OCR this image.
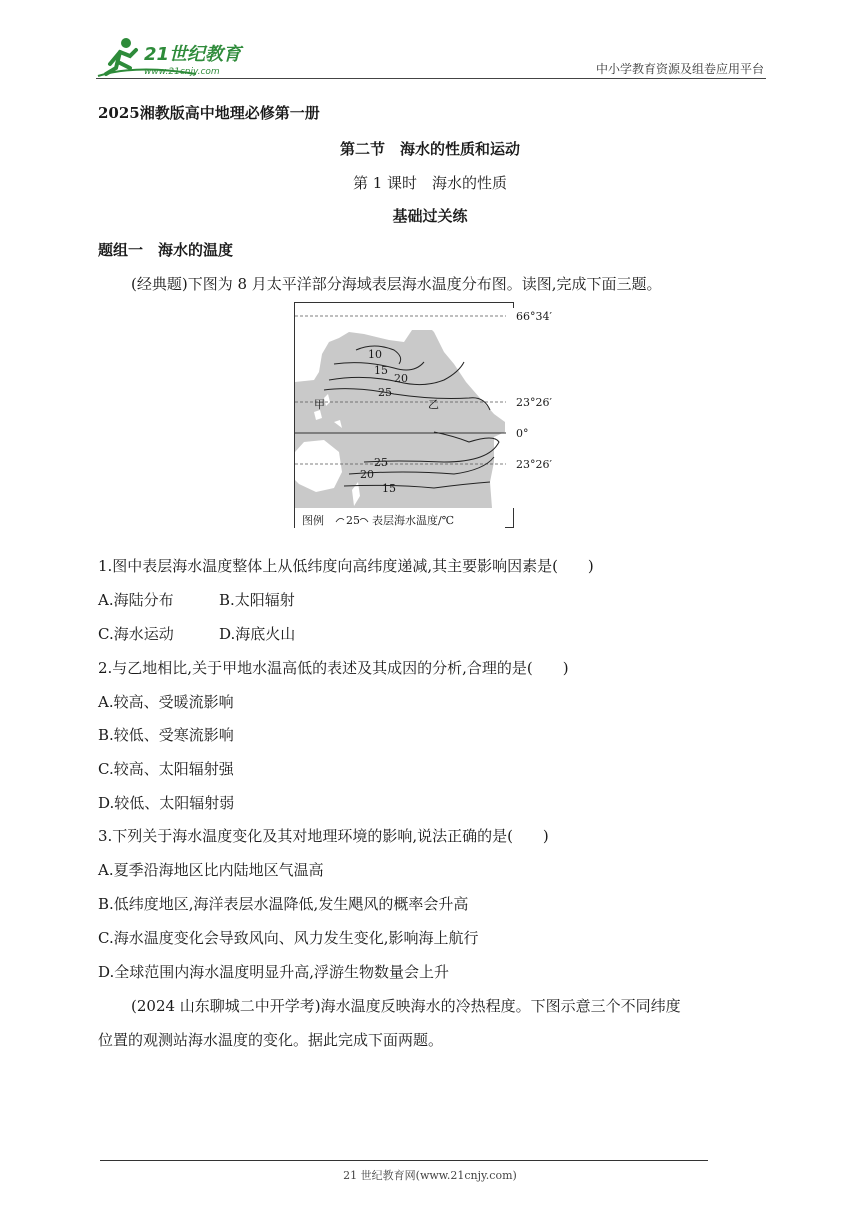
21世纪教育
www.21cnjy.com	中小学教育资源及组卷应用平台
2025湘教版高中地理必修第一册
第二节　海水的性质和运动
第 1 课时　海水的性质
基础过关练
题组一　海水的温度
(经典题)下图为 8 月太平洋部分海域表层海水温度分布图。读图,完成下面三题。
10
15
20
25
25
20
15
甲	乙
66°34′
23°26′
0°
23°26′
图例 25 表层海水温度/℃
1.图中表层海水温度整体上从低纬度向高纬度递减,其主要影响因素是(　　)
A.海陆分布	B.太阳辐射
C.海水运动	D.海底火山
2.与乙地相比,关于甲地水温高低的表述及其成因的分析,合理的是(　　)
A.较高、受暖流影响
B.较低、受寒流影响
C.较高、太阳辐射强
D.较低、太阳辐射弱
3.下列关于海水温度变化及其对地理环境的影响,说法正确的是(　　)
A.夏季沿海地区比内陆地区气温高
B.低纬度地区,海洋表层水温降低,发生飓风的概率会升高
C.海水温度变化会导致风向、风力发生变化,影响海上航行
D.全球范围内海水温度明显升高,浮游生物数量会上升
(2024 山东聊城二中开学考)海水温度反映海水的冷热程度。下图示意三个不同纬度
位置的观测站海水温度的变化。据此完成下面两题。
21 世纪教育网(www.21cnjy.com)
